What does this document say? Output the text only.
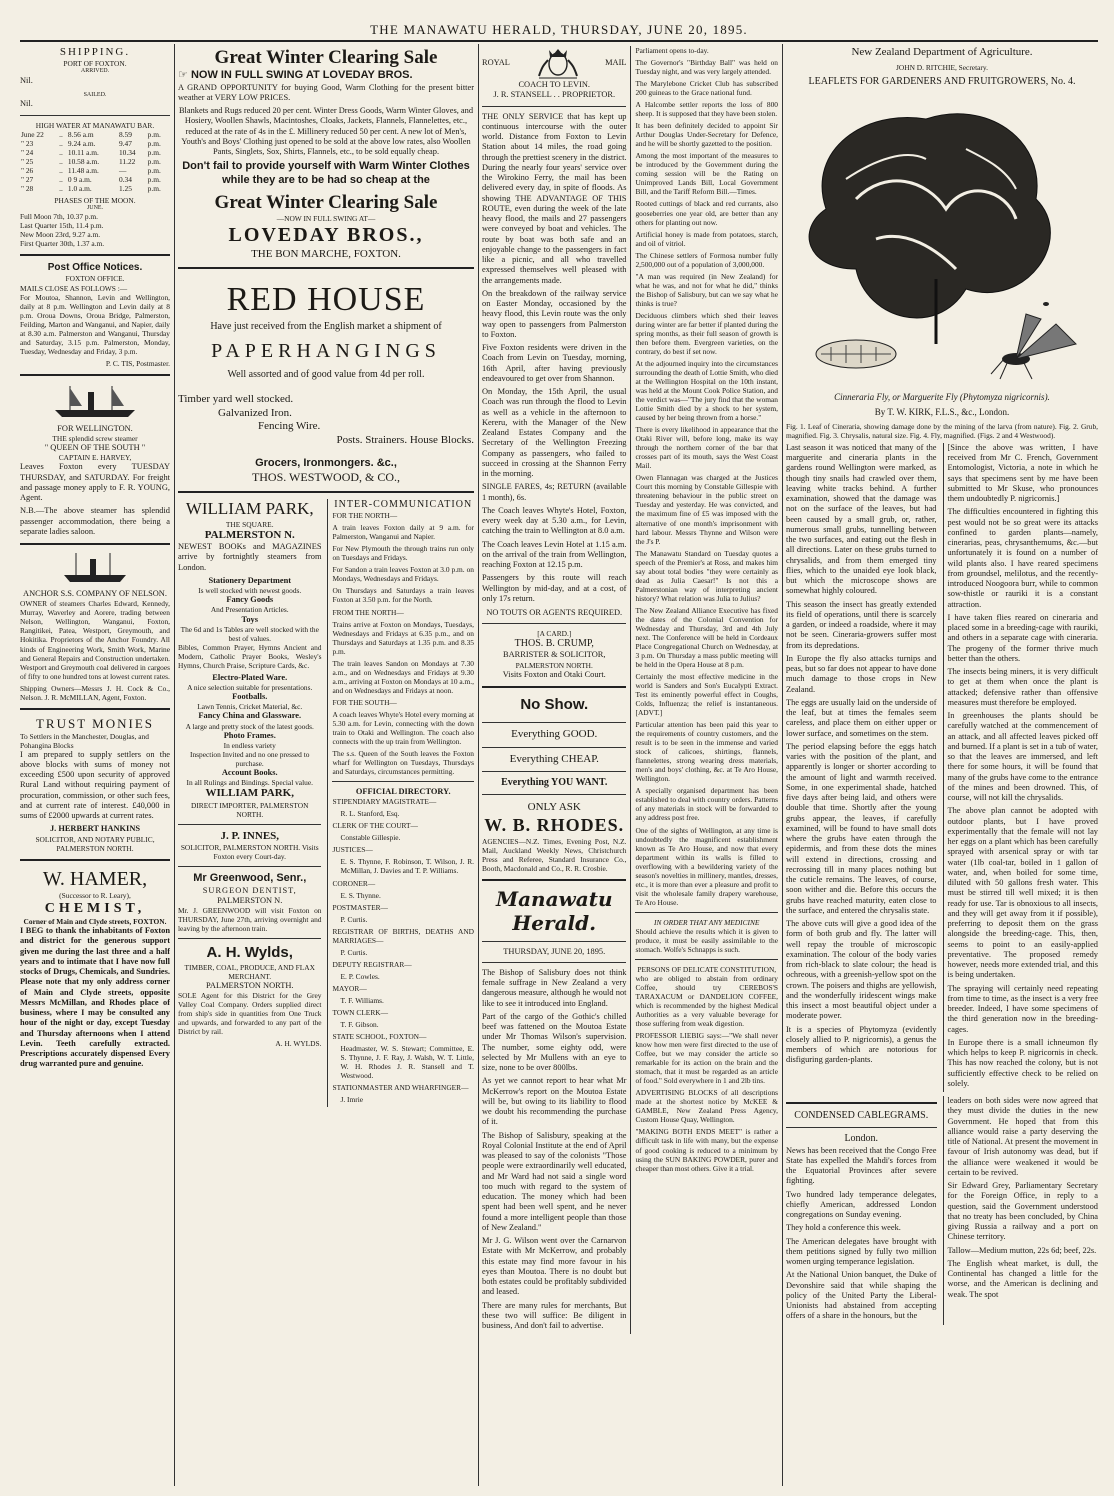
THE MANAWATU HERALD, THURSDAY, JUNE 20, 1895.
SHIPPING.
PORT OF FOXTON.
ARRIVED.
Nil.
SAILED.
Nil.
HIGH WATER AT MANAWATU BAR.
June 22	..	8.56 a.m	8.59	p.m.
" 23	..	9.24 a.m.	9.47	p.m.
" 24	..	10.11 a.m.	10.34	p.m.
" 25	..	10.58 a.m.	11.22	p.m.
" 26	..	11.48 a.m.	—	p.m.
" 27	..	0 9 a.m.	0.34	p.m.
" 28	..	1.0 a.m.	1.25	p.m.
PHASES OF THE MOON.
JUNE.
Full Moon 7th, 10.37 p.m.
Last Quarter 15th, 11.4 p.m.
New Moon 23rd, 9.27 a.m.
First Quarter 30th, 1.37 a.m.
Post Office Notices.
FOXTON OFFICE.
MAILS CLOSE AS FOLLOWS :—

For Moutoa, Shannon, Levin and Wellington, daily at 8 p.m. Wellington and Levin daily at 8 p.m. Oroua Downs, Oroua Bridge, Palmerston, Feilding, Marton and Wanganui, and Napier, daily at 8.30 a.m. Palmerston and Wanganui, Thursday and Saturday, 3.15 p.m. Palmerston, Monday, Tuesday, Wednesday and Friday, 3 p.m.

P. C. TIS, Postmaster.
FOR WELLINGTON.
THE splendid screw steamer
" QUEEN OF THE SOUTH "
CAPTAIN E. HARVEY,

Leaves Foxton every TUESDAY THURSDAY, and SATURDAY. For freight and passage money apply to F. R. YOUNG, Agent.

N.B.—The above steamer has splendid passenger accommodation, there being a separate ladies saloon.

ANCHOR S.S. COMPANY OF NELSON.

OWNER of steamers Charles Edward, Kennedy, Murray, Waverley and Aorere, trading between Nelson, Wellington, Wanganui, Foxton, Rangitikei, Patea, Westport, Greymouth, and Hokitika. Proprietors of the Anchor Foundry. All kinds of Engineering Work, Smith Work, Marine and General Repairs and Construction undertaken. Westport and Greymouth coal delivered in cargoes of fifty to one hundred tons at lowest current rates.

Shipping Owners—Messrs J. H. Cock & Co., Nelson. J. R. McMILLAN, Agent, Foxton.

TRUST MONIES
To Settlers in the Manchester, Douglas, and Pohangina Blocks

I am prepared to supply settlers on the above blocks with sums of money not exceeding £500 upon security of approved Rural Land without requiring payment of procuration, commission, or other such fees, and at current rate of interest. £40,000 in sums of £2000 upwards at current rates.

J. HERBERT HANKINS
SOLICITOR, AND NOTARY PUBLIC, PALMERSTON NORTH.
W. HAMER,
(Successor to R. Leary),
CHEMIST,
Corner of Main and Clyde streets, FOXTON.

I BEG to thank the inhabitants of Foxton and district for the generous support given me during the last three and a half years and to intimate that I have now full stocks of Drugs, Chemicals, and Sundries. Please note that my only address corner of Main and Clyde streets, opposite Messrs McMillan, and Rhodes place of business, where I may be consulted any hour of the night or day, except Tuesday and Thursday afternoons when I attend Levin. Teeth carefully extracted. Prescriptions accurately dispensed Every drug warranted pure and genuine.

Great Winter Clearing Sale
☞ NOW IN FULL SWING AT LOVEDAY BROS.

A GRAND OPPORTUNITY for buying Good, Warm Clothing for the present bitter weather at VERY LOW PRICES.

Blankets and Rugs reduced 20 per cent. Winter Dress Goods, Warm Winter Gloves, and Hosiery, Woollen Shawls, Macintoshes, Cloaks, Jackets, Flannels, Flannelettes, etc., reduced at the rate of 4s in the £. Millinery reduced 50 per cent. A new lot of Men's, Youth's and Boys' Clothing just opened to be sold at the above low rates, also Woollen Pants, Singlets, Sox, Shirts, Flannels, etc., to be sold equally cheap.

Don't fail to provide yourself with Warm Winter Clothes while they are to be had so cheap at the
Great Winter Clearing Sale
—NOW IN FULL SWING AT—
LOVEDAY BROS.,
THE BON MARCHE, FOXTON.
RED HOUSE
Have just received from the English market a shipment of
PAPERHANGINGS
Well assorted and of good value from 4d per roll.
Timber yard well stocked.
Galvanized Iron.
Fencing Wire.
Posts. Strainers. House Blocks.
Grocers, Ironmongers. &c.,
THOS. WESTWOOD, & CO.,
WILLIAM PARK,
THE SQUARE.
PALMERSTON N.

NEWEST BOOKs and MAGAZINES arrive by fortnightly steamers from London.

Stationery Department
Is well stocked with newest goods.
Fancy Goods
And Presentation Articles.
Toys
The 6d and 1s Tables are well stocked with the best of values.

Bibles, Common Prayer, Hymns Ancient and Modern, Catholic Prayer Books, Wesley's Hymns, Church Praise, Scripture Cards, &c.

Electro-Plated Ware.
A nice selection suitable for presentations.
Footballs.
Lawn Tennis, Cricket Material, &c.
Fancy China and Glassware.
A large and pretty stock of the latest goods.
Photo Frames.
In endless variety
Inspection Invited and no one pressed to purchase.
Account Books.
In all Rulings and Bindings. Special value.
WILLIAM PARK,
DIRECT IMPORTER, PALMERSTON NORTH.
J. P. INNES,
SOLICITOR, PALMERSTON NORTH. Visits Foxton every Court-day.
Mr Greenwood, Senr.,
SURGEON DENTIST,
PALMERSTON N.

Mr. J. GREENWOOD will visit Foxton on THURSDAY, June 27th, arriving overnight and leaving by the afternoon train.

A. H. Wylds,
TIMBER, COAL, PRODUCE, AND FLAX MERCHANT.
PALMERSTON NORTH.

SOLE Agent for this District for the Grey Valley Coal Company. Orders supplied direct from ship's side in quantities from One Truck and upwards, and forwarded to any part of the District by rail.

A. H. WYLDS.
INTER-COMMUNICATION

FOR THE NORTH—

A train leaves Foxton daily at 9 a.m. for Palmerston, Wanganui and Napier.

For New Plymouth the through trains run only on Tuesdays and Fridays.

For Sandon a train leaves Foxton at 3.0 p.m. on Mondays, Wednesdays and Fridays.

On Thursdays and Saturdays a train leaves Foxton at 3.50 p.m. for the North.

FROM THE NORTH—

Trains arrive at Foxton on Mondays, Tuesdays, Wednesdays and Fridays at 6.35 p.m., and on Thursdays and Saturdays at 1.35 p.m. and 8.35 p.m.

The train leaves Sandon on Mondays at 7.30 a.m., and on Wednesdays and Fridays at 9.30 a.m., arriving at Foxton on Mondays at 10 a.m., and on Wednesdays and Fridays at noon.

FOR THE SOUTH—

A coach leaves Whyte's Hotel every morning at 5.30 a.m. for Levin, connecting with the down train to Otaki and Wellington. The coach also connects with the up train from Wellington.

The s.s. Queen of the South leaves the Foxton wharf for Wellington on Tuesdays, Thursdays and Saturdays, circumstances permitting.

OFFICIAL DIRECTORY.

STIPENDIARY MAGISTRATE—

R. L. Stanford, Esq.

CLERK OF THE COURT—

Constable Gillespie.

JUSTICES—

E. S. Thynne, F. Robinson, T. Wilson, J. R. McMillan, J. Davies and T. P. Williams.

CORONER—

E. S. Thynne.

POSTMASTER—

P. Curtis.

REGISTRAR OF BIRTHS, DEATHS AND MARRIAGES—

P. Curtis.

DEPUTY REGISTRAR—

E. P. Cowles.

MAYOR—

T. F. Williams.

TOWN CLERK—

T. F. Gibson.

STATE SCHOOL, FOXTON—

Headmaster, W. S. Stewart; Committee, E. S. Thynne, J. F. Ray, J. Walsh, W. T. Little, W. H. Rhodes J. R. Stansell and T. Westwood.

STATIONMASTER AND WHARFINGER—

J. Imrie

ROYAL	MAIL
COACH TO LEVIN.
J. R. STANSELL . . PROPRIETOR.

THE ONLY SERVICE that has kept up continuous intercourse with the outer world. Distance from Foxton to Levin Station about 14 miles, the road going through the prettiest scenery in the district. During the nearly four years' service over the Wirokino Ferry, the mail has been delivered every day, in spite of floods. As showing THE ADVANTAGE OF THIS ROUTE, even during the week of the late heavy flood, the mails and 27 passengers were conveyed by boat and vehicles. The route by boat was both safe and an enjoyable change to the passengers in fact like a picnic, and all who travelled expressed themselves well pleased with the arrangements made.

On the breakdown of the railway service on Easter Monday, occasioned by the heavy flood, this Levin route was the only way open to passengers from Palmerston to Foxton.

Five Foxton residents were driven in the Coach from Levin on Tuesday, morning, 16th April, after having previously endeavoured to get over from Shannon.

On Monday, the 15th April, the usual Coach was run through the flood to Levin as well as a vehicle in the afternoon to Kereru, with the Manager of the New Zealand Estates Company and the Secretary of the Wellington Freezing Company as passengers, who failed to succeed in crossing at the Shannon Ferry in the morning.

SINGLE FARES, 4s; RETURN (available 1 month), 6s.

The Coach leaves Whyte's Hotel, Foxton, every week day at 5.30 a.m., for Levin, catching the train to Wellington at 8.0 a.m.

The Coach leaves Levin Hotel at 1.15 a.m. on the arrival of the train from Wellington, reaching Foxton at 12.15 p.m.

Passengers by this route will reach Wellington by mid-day, and at a cost, of only 17s return.

NO TOUTS OR AGENTS REQUIRED.
[A CARD.]
THOS. B. CRUMP,
BARRISTER & SOLICITOR,
PALMERSTON NORTH.
Visits Foxton and Otaki Court.
No Show.
Everything GOOD.
Everything CHEAP.
Everything YOU WANT.
ONLY ASK
W. B. RHODES.

AGENCIES—N.Z. Times, Evening Post, N.Z. Mail, Auckland Weekly News, Christchurch Press and Referee, Standard Insurance Co., Booth, Macdonald and Co., R. R. Crosbie.

Manawatu Herald.
THURSDAY, JUNE 20, 1895.

The Bishop of Salisbury does not think female suffrage in New Zealand a very dangerous measure, although he would not like to see it introduced into England.

Part of the cargo of the Gothic's chilled beef was fattened on the Moutoa Estate under Mr Thomas Wilson's supervision. The number, some eighty odd, were selected by Mr Mullens with an eye to size, none to be over 800lbs.

As yet we cannot report to hear what Mr McKerrow's report on the Moutoa Estate will be, but owing to its liability to flood we doubt his recommending the purchase of it.

The Bishop of Salisbury, speaking at the Royal Colonial Institute at the end of April was pleased to say of the colonists "Those people were extraordinarily well educated, and Mr Ward had not said a single word too much with regard to the system of education. The money which had been spent had been well spent, and he never found a more intelligent people than those of New Zealand."

Mr J. G. Wilson went over the Carnarvon Estate with Mr McKerrow, and probably this estate may find more favour in his eyes than Moutoa. There is no doubt but both estates could be profitably subdivided and leased.

There are many rules for merchants, But these two will suffice: Be diligent in business, And don't fail to advertise.

Parliament opens to-day.

The Governor's "Birthday Ball" was held on Tuesday night, and was very largely attended.

The Marylebone Cricket Club has subscribed 200 guineas to the Grace national fund.

A Halcombe settler reports the loss of 800 sheep. It is supposed that they have been stolen.

It has been definitely decided to appoint Sir Arthur Douglas Under-Secretary for Defence, and he will be shortly gazetted to the position.

Among the most important of the measures to be introduced by the Government during the coming session will be the Rating on Unimproved Lands Bill, Local Government Bill, and the Tariff Reform Bill.—Times.

Rooted cuttings of black and red currants, also gooseberries one year old, are better than any others for planting out now.

Artificial honey is made from potatoes, starch, and oil of vitriol.

The Chinese settlers of Formosa number fully 2,500,000 out of a population of 3,000,000.

"A man was required (in New Zealand) for what he was, and not for what he did," thinks the Bishop of Salisbury, but can we say what he thinks is true?

Deciduous climbers which shed their leaves during winter are far better if planted during the spring months, as their full season of growth is then before them. Evergreen varieties, on the contrary, do best if set now.

At the adjourned inquiry into the circumstances surrounding the death of Lottie Smith, who died at the Wellington Hospital on the 10th instant, was held at the Mount Cook Police Station, and the verdict was—"The jury find that the woman Lottie Smith died by a shock to her system, caused by her being thrown from a horse."

There is every likelihood in appearance that the Otaki River will, before long, make its way through the northern corner of the bar that crosses part of its mouth, says the West Coast Mail.

Owen Flannagan was charged at the Justices Court this morning by Constable Gillespie with threatening behaviour in the public street on Tuesday and yesterday. He was convicted, and the maximum fine of £5 was imposed with the alternative of one month's imprisonment with hard labour. Messrs Thynne and Wilson were the J's P.

The Manawatu Standard on Tuesday quotes a speech of the Premier's at Ross, and makes him say about total bodies "they were certainly as dead as Julia Caesar!" Is not this a Palmerstonian way of interpreting ancient history? What relation was Julia to Julius?

The New Zealand Alliance Executive has fixed the dates of the Colonial Convention for Wednesday and Thursday, 3rd and 4th July next. The Conference will be held in Cordeaux Place Congregational Church on Wednesday, at 3 p.m. On Thursday a mass public meeting will be held in the Opera House at 8 p.m.

Certainly the most effective medicine in the world is Sanders and Son's Eucalypti Extract. Test its eminently powerful effect in Coughs, Colds, Influenza; the relief is instantaneous. [ADVT.]

Particular attention has been paid this year to the requirements of country customers, and the result is to be seen in the immense and varied stock of calicoes, shirtings, flannels, flannelettes, strong wearing dress materials, men's and boys' clothing, &c. at Te Aro House, Wellington.

A specially organised department has been established to deal with country orders. Patterns of any materials in stock will be forwarded to any address post free.

One of the sights of Wellington, at any time is undoubtedly the magnificent establishment known as Te Aro House, and now that every department within its walls is filled to overflowing with a bewildering variety of the season's novelties in millinery, mantles, dresses, etc., it is more than ever a pleasure and profit to visit the wholesale family drapery warehouse, Te Aro House.

IN ORDER THAT ANY MEDICINE

Should achieve the results which it is given to produce, it must be easily assimilable to the stomach. Wolfe's Schnapps is such.

PERSONS OF DELICATE CONSTITUTION,

who are obliged to abstain from ordinary Coffee, should try CEREBOS'S TARAXACUM or DANDELION COFFEE, which is recommended by the highest Medical Authorities as a very valuable beverage for those suffering from weak digestion.

PROFESSOR LIEBIG says:—"We shall never know how men were first directed to the use of Coffee, but we may consider the article so remarkable for its action on the brain and the stomach, that it must be regarded as an article of food." Sold everywhere in 1 and 2lb tins.

ADVERTISING BLOCKS of all descriptions made at the shortest notice by McKEE & GAMBLE, New Zealand Press Agency, Custom House Quay, Wellington.

"MAKING BOTH ENDS MEET" is rather a difficult task in life with many, but the expense of good cooking is reduced to a minimum by using the SUN BAKING POWDER, purer and cheaper than most others. Give it a trial.

New Zealand Department of Agriculture.
JOHN D. RITCHIE, Secretary.
LEAFLETS FOR GARDENERS AND FRUITGROWERS, No. 4.
Cinneraria Fly, or Marguerite Fly (Phytomyza nigricornis).
By T. W. KIRK, F.L.S., &c., London.

Fig. 1. Leaf of Cineraria, showing damage done by the mining of the larva (from nature). Fig. 2. Grub, magnified. Fig. 3. Chrysalis, natural size. Fig. 4. Fly, magnified. (Figs. 2 and 4 Westwood).

Last season it was noticed that many of the marguerite and cineraria plants in the gardens round Wellington were marked, as though tiny snails had crawled over them, leaving white tracks behind. A further examination, showed that the damage was not on the surface of the leaves, but had been caused by a small grub, or, rather, numerous small grubs, tunnelling between the two surfaces, and eating out the flesh in all directions. Later on these grubs turned to chrysalids, and from them emerged tiny flies, which to the unaided eye look black, but which the microscope shows are somewhat highly coloured.

This season the insect has greatly extended its field of operations, until there is scarcely a garden, or indeed a roadside, where it may not be seen. Cineraria-growers suffer most from its depredations.

In Europe the fly also attacks turnips and peas, but so far does not appear to have done much damage to those crops in New Zealand.

The eggs are usually laid on the underside of the leaf, but at times the females seem careless, and place them on either upper or lower surface, and sometimes on the stem.

The period elapsing before the eggs hatch varies with the position of the plant, and apparently is longer or shorter according to the amount of light and warmth received. Some, in one experimental shade, hatched five days after being laid, and others were double that time. Shortly after the young grubs appear, the leaves, if carefully examined, will be found to have small dots where the grubs have eaten through the epidermis, and from these dots the mines will extend in directions, crossing and recrossing till in many places nothing but the cuticle remains. The leaves, of course, soon wither and die. Before this occurs the grubs have reached maturity, eaten close to the surface, and entered the chrysalis state.

The above cuts will give a good idea of the form of both grub and fly. The latter will well repay the trouble of microscopic examination. The colour of the body varies from rich-black to slate colour; the head is ochreous, with a greenish-yellow spot on the crown. The poisers and thighs are yellowish, and the wonderfully iridescent wings make this insect a most beautiful object under a moderate power.

It is a species of Phytomyza (evidently closely allied to P. nigricornis), a genus the members of which are notorious for disfiguring garden-plants.

[Since the above was written, I have received from Mr C. French, Government Entomologist, Victoria, a note in which he says that specimens sent by me have been submitted to Mr Skuse, who pronounces them undoubtedly P. nigricornis.]

The difficulties encountered in fighting this pest would not be so great were its attacks confined to garden plants—namely, cinerarias, peas, chrysanthemums, &c.—but unfortunately it is found on a number of wild plants also. I have reared specimens from groundsel, melilotus, and the recently-introduced Noogoora burr, while to common sow-thistle or rauriki it is a constant attraction.

I have taken flies reared on cineraria and placed some in a breeding-cage with rauriki, and others in a separate cage with cineraria. The progeny of the former thrive much better than the others.

The insects being miners, it is very difficult to get at them when once the plant is attacked; defensive rather than offensive measures must therefore be employed.

In greenhouses the plants should be carefully watched at the commencement of an attack, and all affected leaves picked off and burned. If a plant is set in a tub of water, so that the leaves are immersed, and left there for some hours, it will be found that many of the grubs have come to the entrance of the mines and been drowned. This, of course, will not kill the chrysalids.

The above plan cannot be adopted with outdoor plants, but I have proved experimentally that the female will not lay her eggs on a plant which has been carefully sprayed with arsenical spray or with tar water (1lb coal-tar, boiled in 1 gallon of water, and, when boiled for some time, diluted with 50 gallons fresh water. This must be stirred till well mixed; it is then ready for use. Tar is obnoxious to all insects, and they will get away from it if possible), preferring to deposit them on the grass alongside the breeding-cage. This, then, seems to point to an easily-applied preventative. The proposed remedy however, needs more extended trial, and this is being undertaken.

The spraying will certainly need repeating from time to time, as the insect is a very free breeder. Indeed, I have some specimens of the third generation now in the breeding-cages.

In Europe there is a small ichneumon fly which helps to keep P. nigricornis in check. This has now reached the colony, but is not sufficiently effective check to be relied on solely.

CONDENSED CABLEGRAMS.
London.

News has been received that the Congo Free State has expelled the Mahdi's forces from the Equatorial Provinces after severe fighting.

Two hundred lady temperance delegates, chiefly American, addressed London congregations on Sunday evening.

They hold a conference this week.

The American delegates have brought with them petitions signed by fully two million women urging temperance legislation.

At the National Union banquet, the Duke of Devonshire said that while shaping the policy of the United Party the Liberal-Unionists had abstained from accepting offers of a share in the honours, but the

leaders on both sides were now agreed that they must divide the duties in the new Government. He hoped that from this alliance would raise a party deserving the title of National. At present the movement in favour of Irish autonomy was dead, but if the alliance were weakened it would be certain to be revived.

Sir Edward Grey, Parliamentary Secretary for the Foreign Office, in reply to a question, said the Government understood that no treaty has been concluded, by China giving Russia a railway and a port on Chinese territory.

Tallow—Medium mutton, 22s 6d; beef, 22s.

The English wheat market, is dull, the Continental has changed a little for the worse, and the American is declining and weak. The spot
